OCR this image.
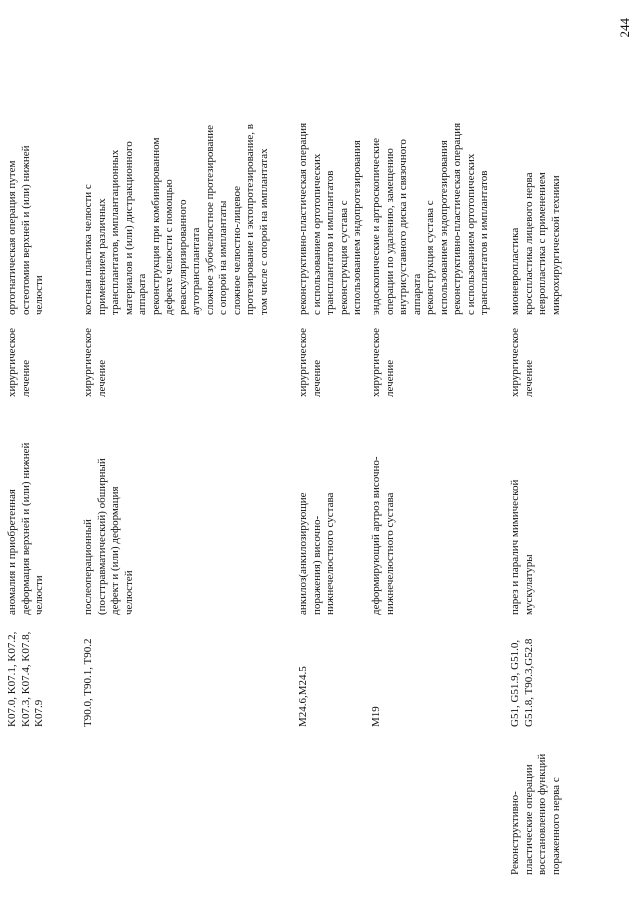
244
K07.0, K07.1, K07.2, K07.3, K07.4, K07.8, K07.9
аномалия и приобретенная деформация верхней и (или) нижней челюсти
хирургическое лечение
ортогнатическая операция путем остеотомии верхней и (или) нижней челюсти
T90.0, T90.1, T90.2
послеоперационный (посттравматический) обширный дефект и (или) деформация челюстей
хирургическое лечение
костная пластика челюсти с применением различных трансплантатов, имплантационных материалов и (или) дистракционного аппарата реконструкция при комбинированном дефекте челюсти с помощью реваскуляризированного аутотрансплантата сложное зубочелюстное протезирование с опорой на имплантаты сложное челюстно-лицевое протезирование и эктопротезирование, в том числе с опорой на имплантатах
M24.6,M24.5
анкилоз(анкилозирующие поражения) височно- нижнечелюстного сустава
хирургическое лечение
реконструктивно-пластическая операция с использованием ортотопических трансплантатов и имплантатов реконструкция сустава с использованием эндопротезирования
M19
деформирующий артроз височно- нижнечелюстного сустава
хирургическое лечение
эндоскопические и артроскопические операции по удалению, замещению внутрисуставного диска и связочного аппарата реконструкция сустава с использованием эндопротезирования реконструктивно-пластическая операция с использованием ортотопических трансплантатов и имплантатов
Реконструктивно- пластические операции восстановлению функций пораженного нерва с
G51, G51.9, G51.0, G51.8, T90.3,G52.8
парез и паралич мимической мускулатуры
хирургическое лечение
мионевропластика кросспластика лицевого нерва невропластика с применением микрохирургической техники
